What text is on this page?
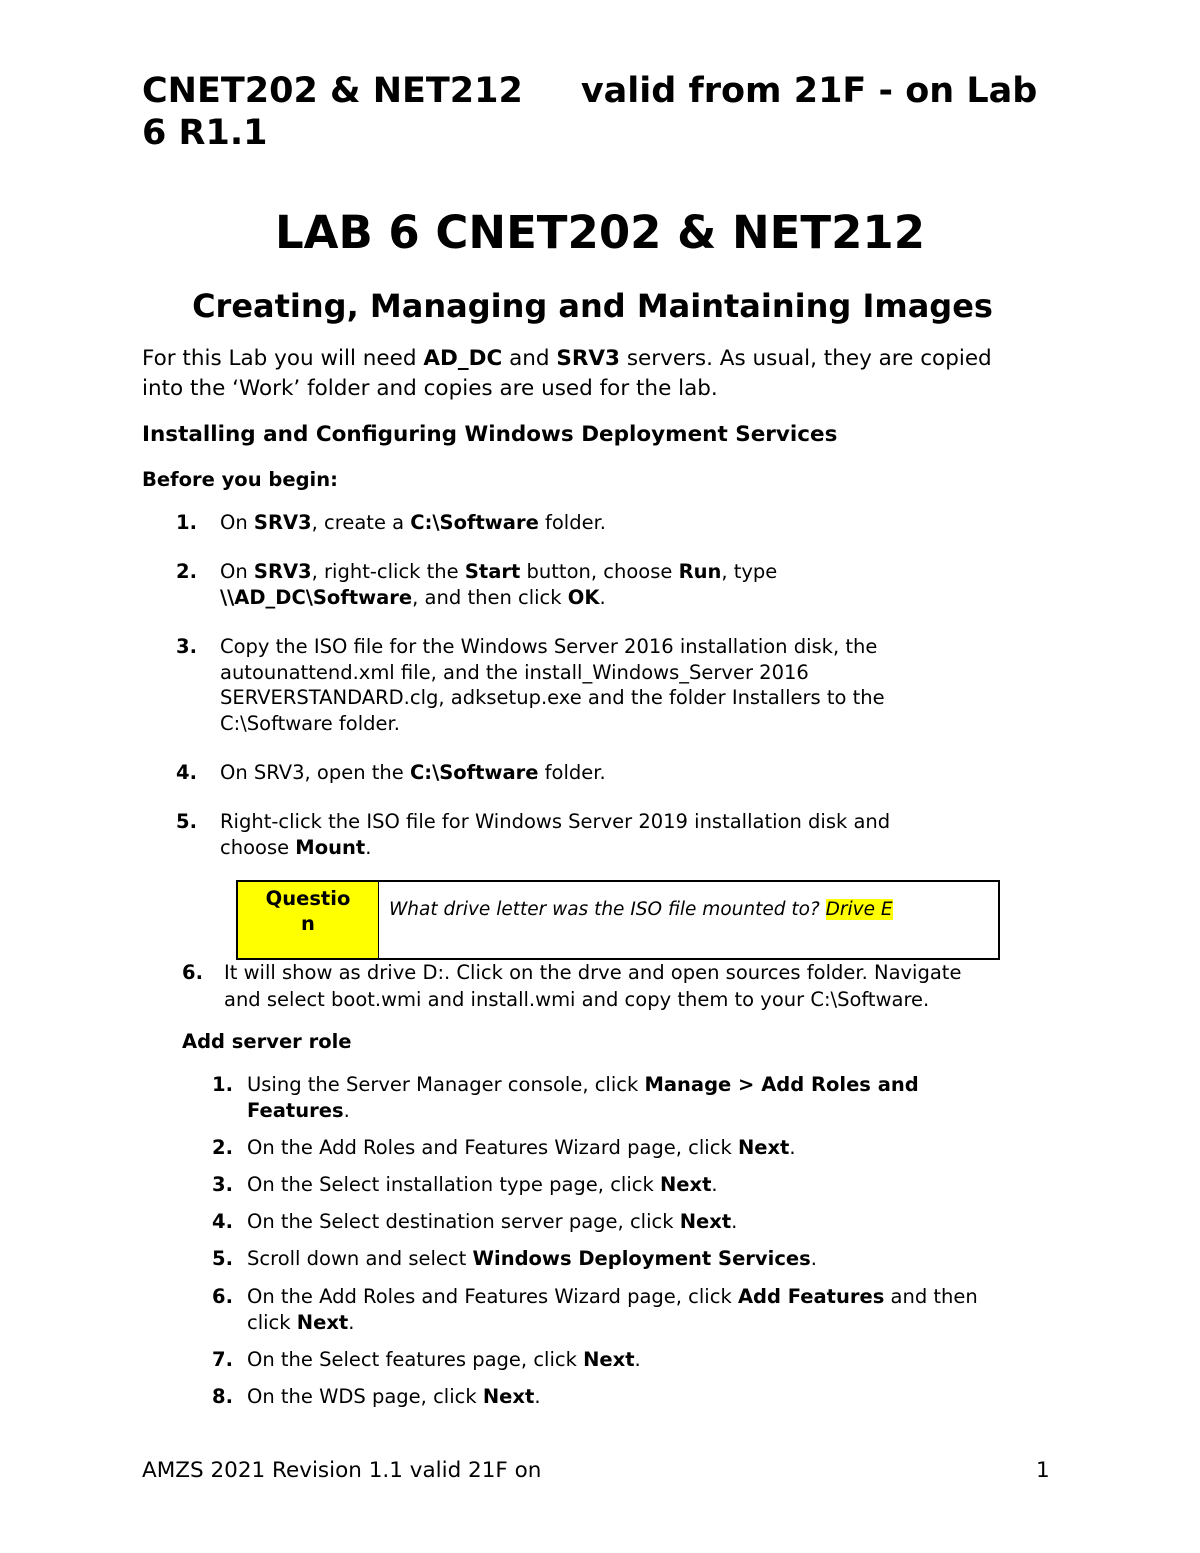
CNET202 & NET212 valid from 21F - on Lab
6 R1.1
LAB 6 CNET202 & NET212
Creating, Managing and Maintaining Images
For this Lab you will need AD_DC and SRV3 servers. As usual, they are copied into the ‘Work’ folder and copies are used for the lab.
Installing and Configuring Windows Deployment Services
Before you begin:
1. On SRV3, create a C:\Software folder.
2. On SRV3, right-click the Start button, choose Run, type
\\AD_DC\Software, and then click OK.
3. Copy the ISO file for the Windows Server 2016 installation disk, the
autounattend.xml file, and the install_Windows_Server 2016
SERVERSTANDARD.clg, adksetup.exe and the folder Installers to the
C:\Software folder.
4. On SRV3, open the C:\Software folder.
5. Right-click the ISO file for Windows Server 2019 installation disk and
choose Mount.
Questio
n
What drive letter was the ISO file mounted to? Drive E
6. It will show as drive D:. Click on the drve and open sources folder. Navigate
and select boot.wmi and install.wmi and copy them to your C:\Software.
Add server role
1. Using the Server Manager console, click Manage > Add Roles and
Features.
2. On the Add Roles and Features Wizard page, click Next.
3. On the Select installation type page, click Next.
4. On the Select destination server page, click Next.
5. Scroll down and select Windows Deployment Services.
6. On the Add Roles and Features Wizard page, click Add Features and then
click Next.
7. On the Select features page, click Next.
8. On the WDS page, click Next.
AMZS 2021 Revision 1.1 valid 21F on	1
